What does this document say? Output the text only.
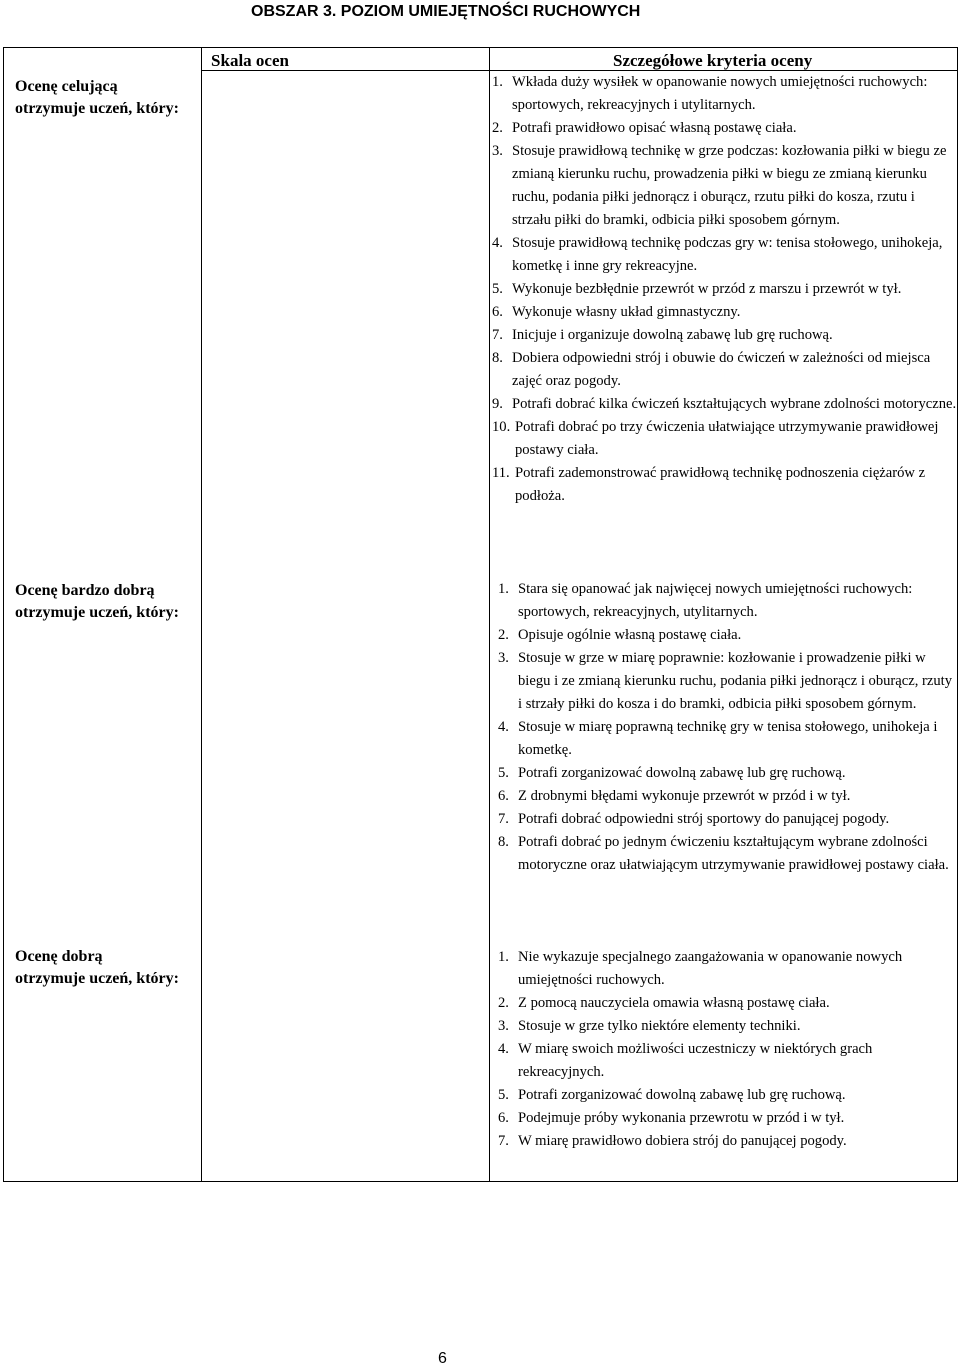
OBSZAR 3. POZIOM UMIEJĘTNOŚCI RUCHOWYCH
Skala ocen	Szczegółowe kryteria oceny
Ocenę celującą
otrzymuje uczeń, który:
Ocenę bardzo dobrą
otrzymuje uczeń, który:
Ocenę dobrą
otrzymuje uczeń, który:
1. Wkłada duży wysiłek w opanowanie nowych umiejętności ruchowych: sportowych, rekreacyjnych i utylitarnych.
2. Potrafi prawidłowo opisać własną postawę ciała.
3. Stosuje prawidłową technikę w grze podczas: kozłowania piłki w biegu ze zmianą kierunku ruchu, prowadzenia piłki w biegu ze zmianą kierunku ruchu, podania piłki jednorącz i oburącz, rzutu piłki do kosza, rzutu i strzału piłki do bramki, odbicia piłki sposobem górnym.
4. Stosuje prawidłową technikę podczas gry w: tenisa stołowego, unihokeja, kometkę i inne gry rekreacyjne.
5. Wykonuje bezbłędnie przewrót w przód z marszu i przewrót w tył.
6. Wykonuje własny układ gimnastyczny.
7. Inicjuje i organizuje dowolną zabawę lub grę ruchową.
8. Dobiera odpowiedni strój i obuwie do ćwiczeń w zależności od miejsca zajęć oraz pogody.
9. Potrafi dobrać kilka ćwiczeń kształtujących wybrane zdolności motoryczne.
10. Potrafi dobrać po trzy ćwiczenia ułatwiające utrzymywanie prawidłowej postawy ciała.
11. Potrafi zademonstrować prawidłową technikę podnoszenia ciężarów z podłoża.
1. Stara się opanować jak najwięcej nowych umiejętności ruchowych: sportowych, rekreacyjnych, utylitarnych.
2. Opisuje ogólnie własną postawę ciała.
3. Stosuje w grze w miarę poprawnie: kozłowanie i prowadzenie piłki w biegu i ze zmianą kierunku ruchu, podania piłki jednorącz i oburącz, rzuty i strzały piłki do kosza i do bramki, odbicia piłki sposobem górnym.
4. Stosuje w miarę poprawną technikę gry w tenisa stołowego, unihokeja i kometkę.
5. Potrafi zorganizować dowolną zabawę lub grę ruchową.
6. Z drobnymi błędami wykonuje przewrót w przód i w tył.
7. Potrafi dobrać odpowiedni strój sportowy do panującej pogody.
8. Potrafi dobrać po jednym ćwiczeniu kształtującym wybrane zdolności motoryczne oraz ułatwiającym utrzymywanie prawidłowej postawy ciała.
1. Nie wykazuje specjalnego zaangażowania w opanowanie nowych umiejętności ruchowych.
2. Z pomocą nauczyciela omawia własną postawę ciała.
3. Stosuje w grze tylko niektóre elementy techniki.
4. W miarę swoich możliwości uczestniczy w niektórych grach rekreacyjnych.
5. Potrafi zorganizować dowolną zabawę lub grę ruchową.
6. Podejmuje próby wykonania przewrotu w przód i w tył.
7. W miarę prawidłowo dobiera strój do panującej pogody.
6
